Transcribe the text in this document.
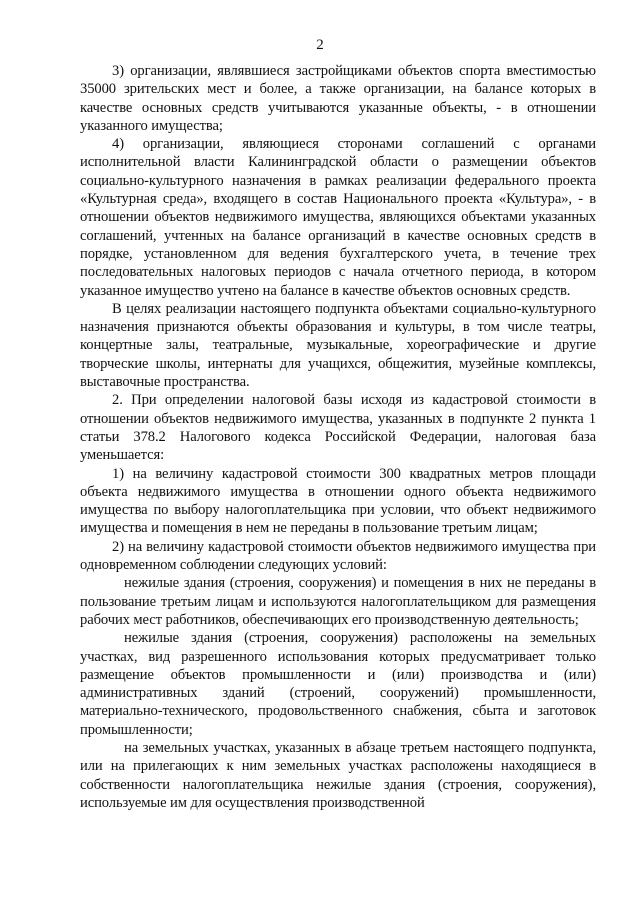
2

3) организации, являвшиеся застройщиками объектов спорта вместимостью 35000 зрительских мест и более, а также организации, на балансе которых в качестве основных средств учитываются указанные объекты, - в отношении указанного имущества;

4) организации, являющиеся сторонами соглашений с органами исполнительной власти Калининградской области о размещении объектов социально-культурного назначения в рамках реализации федерального проекта «Культурная среда», входящего в состав Национального проекта «Культура», - в отношении объектов недвижимого имущества, являющихся объектами указанных соглашений, учтенных на балансе организаций в качестве основных средств в порядке, установленном для ведения бухгалтерского учета, в течение трех последовательных налоговых периодов с начала отчетного периода, в котором указанное имущество учтено на балансе в качестве объектов основных средств.

В целях реализации настоящего подпункта объектами социально-культурного назначения признаются объекты образования и культуры, в том числе театры, концертные залы, театральные, музыкальные, хореографические и другие творческие школы, интернаты для учащихся, общежития, музейные комплексы, выставочные пространства.

2. При определении налоговой базы исходя из кадастровой стоимости в отношении объектов недвижимого имущества, указанных в подпункте 2 пункта 1 статьи 378.2 Налогового кодекса Российской Федерации, налоговая база уменьшается:

1) на величину кадастровой стоимости 300 квадратных метров площади объекта недвижимого имущества в отношении одного объекта недвижимого имущества по выбору налогоплательщика при условии, что объект недвижимого имущества и помещения в нем не переданы в пользование третьим лицам;

2) на величину кадастровой стоимости объектов недвижимого имущества при одновременном соблюдении следующих условий:

нежилые здания (строения, сооружения) и помещения в них не переданы в пользование третьим лицам и используются налогоплательщиком для размещения рабочих мест работников, обеспечивающих его производственную деятельность;

нежилые здания (строения, сооружения) расположены на земельных участках, вид разрешенного использования которых предусматривает только размещение объектов промышленности и (или) производства и (или) административных зданий (строений, сооружений) промышленности, материально-технического, продовольственного снабжения, сбыта и заготовок промышленности;

на земельных участках, указанных в абзаце третьем настоящего подпункта, или на прилегающих к ним земельных участках расположены находящиеся в собственности налогоплательщика нежилые здания (строения, сооружения), используемые им для осуществления производственной
